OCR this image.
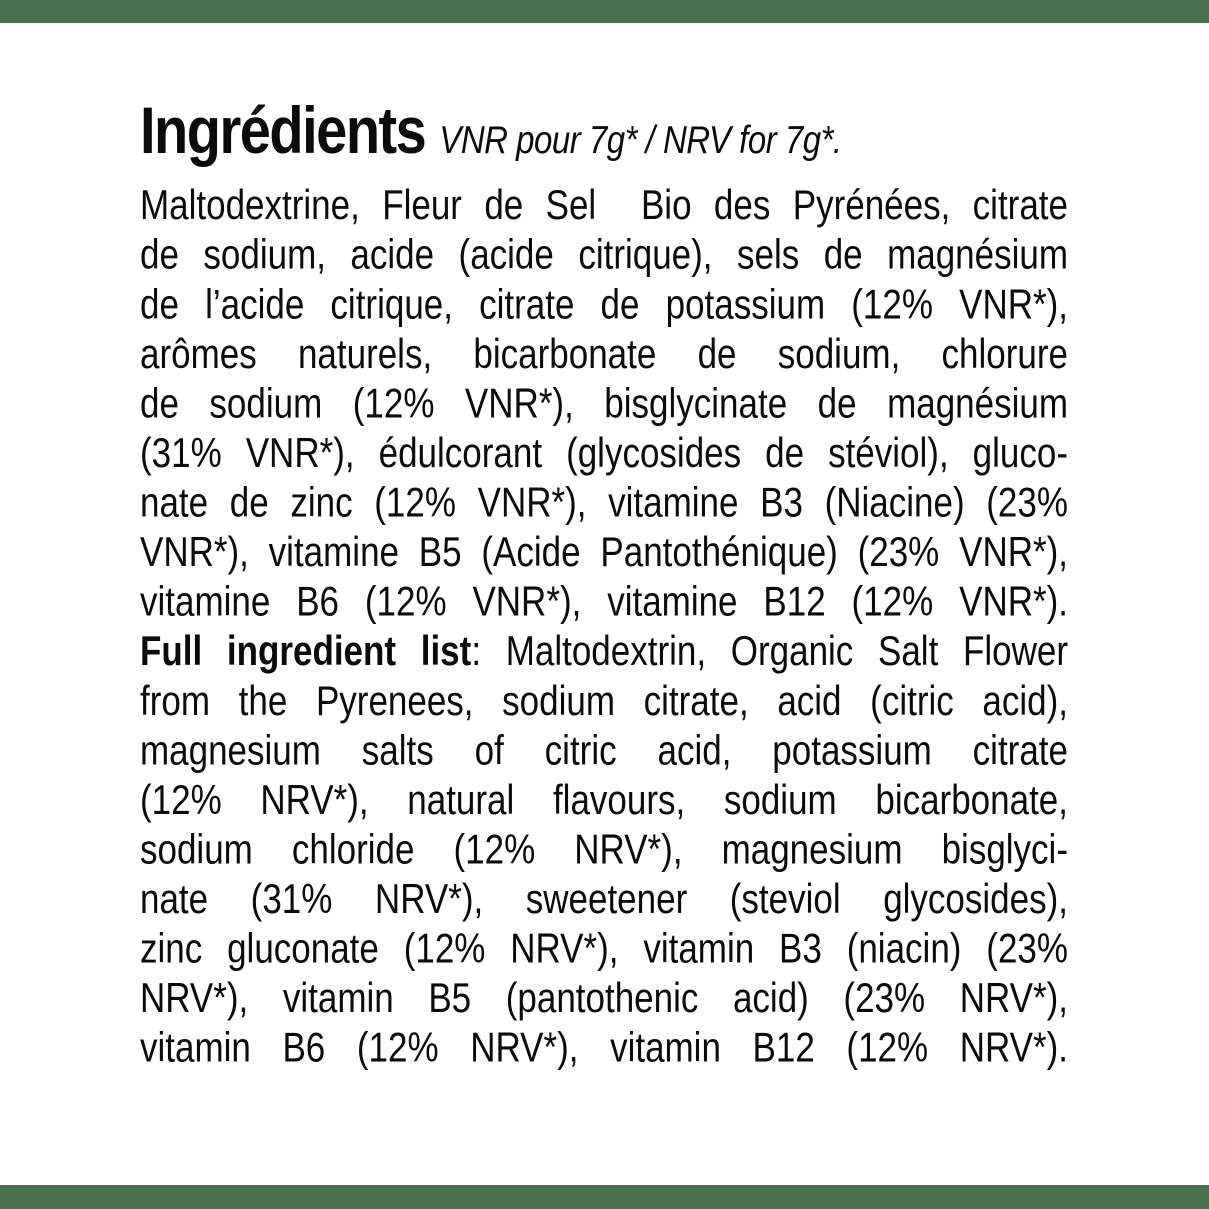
Ingrédients VNR pour 7g* / NRV for 7g*.
Maltodextrine, Fleur de Sel  Bio des Pyrénées, citrate
de sodium, acide (acide citrique), sels de magnésium
de l’acide citrique, citrate de potassium (12% VNR*),
arômes naturels, bicarbonate de sodium, chlorure
de sodium (12% VNR*), bisglycinate de magnésium
(31% VNR*), édulcorant (glycosides de stéviol), gluco-
nate de zinc (12% VNR*), vitamine B3 (Niacine) (23%
VNR*), vitamine B5 (Acide Pantothénique) (23% VNR*),
vitamine B6 (12% VNR*), vitamine B12 (12% VNR*).
Full ingredient list: Maltodextrin, Organic Salt Flower
from the Pyrenees, sodium citrate, acid (citric acid),
magnesium salts of citric acid, potassium citrate
(12% NRV*), natural flavours, sodium bicarbonate,
sodium chloride (12% NRV*), magnesium bisglyci-
nate (31% NRV*), sweetener (steviol glycosides),
zinc gluconate (12% NRV*), vitamin B3 (niacin) (23%
NRV*), vitamin B5 (pantothenic acid) (23% NRV*),
vitamin B6 (12% NRV*), vitamin B12 (12% NRV*).
